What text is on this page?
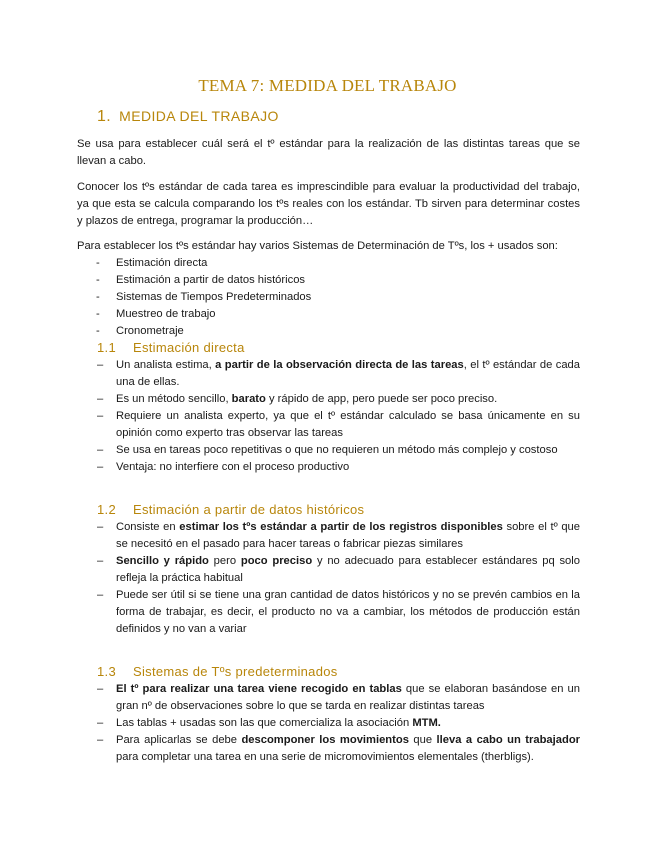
TEMA 7: MEDIDA DEL TRABAJO
1. MEDIDA DEL TRABAJO

Se usa para establecer cuál será el tº estándar para la realización de las distintas tareas que se llevan a cabo.

Conocer los tºs estándar de cada tarea es imprescindible para evaluar la productividad del trabajo, ya que esta se calcula comparando los tºs reales con los estándar. Tb sirven para determinar costes y plazos de entrega, programar la producción…

Para establecer los tºs estándar hay varios Sistemas de Determinación de Tºs, los + usados son:

- Estimación directa
- Estimación a partir de datos históricos
- Sistemas de Tiempos Predeterminados
- Muestreo de trabajo
- Cronometraje
1.1 Estimación directa
– Un analista estima, a partir de la observación directa de las tareas, el tº estándar de cada una de ellas.
– Es un método sencillo, barato y rápido de app, pero puede ser poco preciso.
– Requiere un analista experto, ya que el tº estándar calculado se basa únicamente en su opinión como experto tras observar las tareas
– Se usa en tareas poco repetitivas o que no requieren un método más complejo y costoso
– Ventaja: no interfiere con el proceso productivo
1.2 Estimación a partir de datos históricos
– Consiste en estimar los tºs estándar a partir de los registros disponibles sobre el tº que se necesitó en el pasado para hacer tareas o fabricar piezas similares
– Sencillo y rápido pero poco preciso y no adecuado para establecer estándares pq solo refleja la práctica habitual
– Puede ser útil si se tiene una gran cantidad de datos históricos y no se prevén cambios en la forma de trabajar, es decir, el producto no va a cambiar, los métodos de producción están definidos y no van a variar
1.3 Sistemas de Tºs predeterminados
– El tº para realizar una tarea viene recogido en tablas que se elaboran basándose en un gran nº de observaciones sobre lo que se tarda en realizar distintas tareas
– Las tablas + usadas son las que comercializa la asociación MTM.
– Para aplicarlas se debe descomponer los movimientos que lleva a cabo un trabajador para completar una tarea en una serie de micromovimientos elementales (therbligs).
